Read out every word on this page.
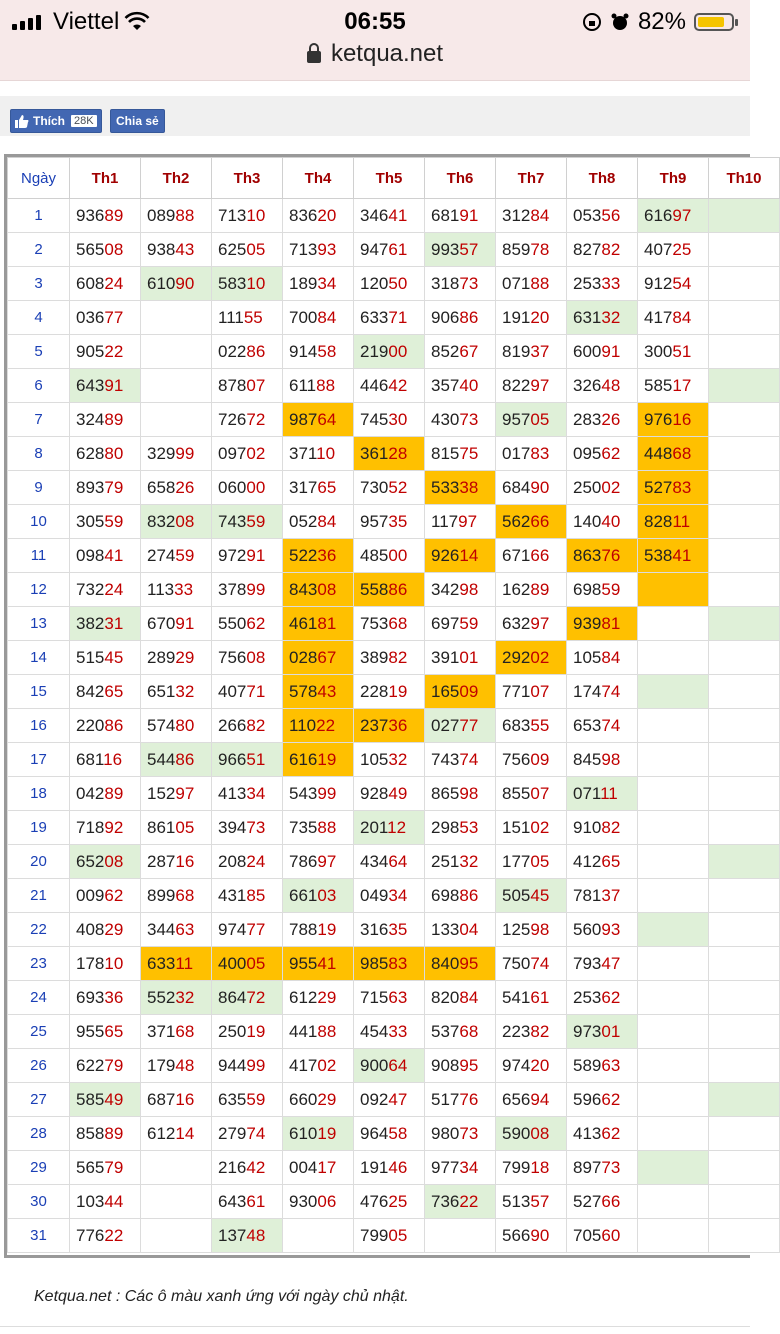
Viettel	06:55	82%
ketqua.net
Thích 28K	Chia sẻ
Ngày	Th1	Th2	Th3	Th4	Th5	Th6	Th7	Th8	Th9	Th10
1	93689	08988	71310	83620	34641	68191	31284	05356	61697	
2	56508	93843	62505	71393	94761	99357	85978	82782	40725	
3	60824	61090	58310	18934	12050	31873	07188	25333	91254	
4	03677		11155	70084	63371	90686	19120	63132	41784	
5	90522		02286	91458	21900	85267	81937	60091	30051	
6	64391		87807	61188	44642	35740	82297	32648	58517	
7	32489		72672	98764	74530	43073	95705	28326	97616	
8	62880	32999	09702	37110	36128	81575	01783	09562	44868	
9	89379	65826	06000	31765	73052	53338	68490	25002	52783	
10	30559	83208	74359	05284	95735	11797	56266	14040	82811	
11	09841	27459	97291	52236	48500	92614	67166	86376	53841	
12	73224	11333	37899	84308	55886	34298	16289	69859		
13	38231	67091	55062	46181	75368	69759	63297	93981		
14	51545	28929	75608	02867	38982	39101	29202	10584		
15	84265	65132	40771	57843	22819	16509	77107	17474		
16	22086	57480	26682	11022	23736	02777	68355	65374		
17	68116	54486	96651	61619	10532	74374	75609	84598		
18	04289	15297	41334	54399	92849	86598	85507	07111		
19	71892	86105	39473	73588	20112	29853	15102	91082		
20	65208	28716	20824	78697	43464	25132	17705	41265		
21	00962	89968	43185	66103	04934	69886	50545	78137		
22	40829	34463	97477	78819	31635	13304	12598	56093		
23	17810	63311	40005	95541	98583	84095	75074	79347		
24	69336	55232	86472	61229	71563	82084	54161	25362		
25	95565	37168	25019	44188	45433	53768	22382	97301		
26	62279	17948	94499	41702	90064	90895	97420	58963		
27	58549	68716	63559	66029	09247	51776	65694	59662		
28	85889	61214	27974	61019	96458	98073	59008	41362		
29	56579		21642	00417	19146	97734	79918	89773		
30	10344		64361	93006	47625	73622	51357	52766		
31	77622		13748		79905		56690	70560		
Ketqua.net : Các ô màu xanh ứng với ngày chủ nhật.
